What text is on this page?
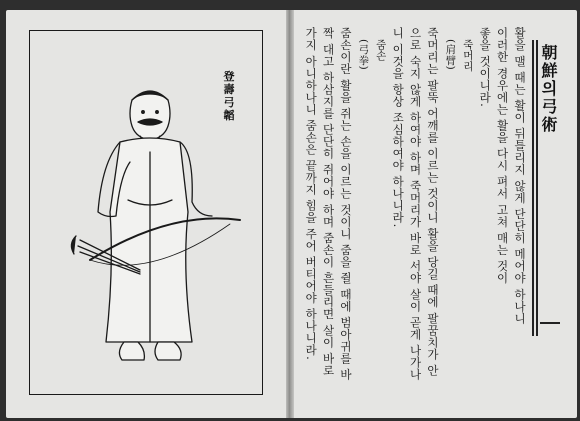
登壽弓韜	朝鮮의弓術

활을 맬 때는 활이 뒤틀리지 않게 단단히 메어야 하나니

이러한 경우에는 활을 다시 펴서 고쳐 매는 것이

좋을 것이니라.

죽머리

(肩臂)

죽머리는 팔뚝 어깨를 이르는 것이니 활을 당길 때에 팔꿈치가 안으로 숙지 않게 하여야 하며 죽머리가 바로 서야 살이 곧게 나가나니 이것을 항상 조심하여야 하나니라.

줌손

(弓拳)

줌손이란 활을 쥐는 손을 이르는 것이니 줌을 쥘 때에 범아귀를 바짝 대고 하삼지를 단단히 쥐어야 하며 줌손이 흔들리면 살이 바로 가지 아니하나니 줌손은 끝까지 힘을 주어 버티어야 하나니라.
